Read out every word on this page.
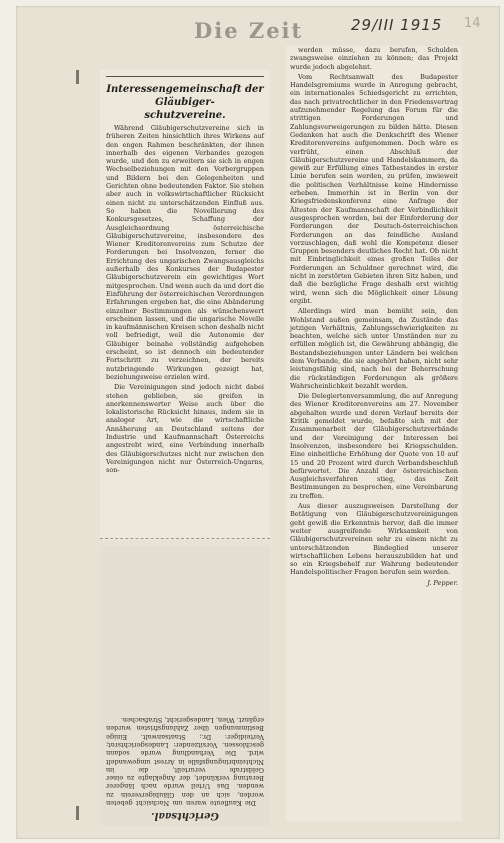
Die Zeit	29/III 1915 14

Interessengemeinschaft der Gläubiger-
schutzvereine.

Während Gläubigerschutzvereine sich in früheren Zeiten hinsichtlich ihres Wirkens auf den engen Rahmen beschränkten, der ihnen innerhalb des eigenen Verbandes gezogen wurde, und den zu erweitern sie sich in engen Wechselbeziehungen mit den Vorbergruppen und Bildern bei den Gelegenheiten und Gerichten ohne bedeutenden Faktor. Sie stehen aber auch in volkswirtschaftlicher Rücksicht einen nicht zu unterschätzenden Einfluß aus. So haben die Novellierung des Konkursgesetzes, Schaffung der Ausgleichsordnung österreichische Gläubigerschutzvereine, insbesondere des Wiener Kreditorenvereins zum Schutze der Forderungen bei Insolvenzen, ferner die Errichtung des ungarischen Zwangsausgleichs außerhalb des Konkurses der Budapester Gläubigerschutzverein ein gewichtiges Wort mitgesprochen. Und wenn auch da und dort die Einführung der österreichischen Verordnungen Erfahrungen ergeben hat, die eine Abänderung einzelner Bestimmungen als wünschenswert erscheinen lassen, und die ungarische Novelle in kaufmännischen Kreisen schon deshalb nicht voll befriedigt, weil die Autonomie der Gläubiger beinahe vollständig aufgehoben erscheint, so ist dennoch ein bedeutender Fortschritt zu verzeichnen, der bereits nutzbringende Wirkungen gezeigt hat, beziehungsweise erzielen wird.

Die Vereinigungen sind jedoch nicht dabei stehen geblieben, sie greifen in anerkennenswerter Weise auch über die lokalistorische Rücksicht hinaus, indem sie in analoger Art, wie die wirtschaftliche Annäherung an Deutschland seitens der Industrie und Kaufmannschaft Österreichs angestrebt wird, eine Verbindung innerhalb des Gläubigerschutzes nicht nur zwischen den Vereinigungen nicht nur Österreich-Ungarns, son-

Gerichtsaal.

Die Kaufleute waren um Nachsicht gebeten worden, sich an den Gläubigerverein zu wenden. Das Urteil wurde nach längerer Beratung verkündet, der Angeklagte zu einer Geldstrafe verurteilt, die im Nichteinbringungsfalle in Arrest umgewandelt wird. Die Verhandlung wurde sodann geschlossen. Vorsitzender: Landesgerichtsrat; Verteidiger: Dr.; Staatsanwalt. Einige Bestimmungen über Zahlungsfristen wurden ergänzt. Wien, Landesgericht, Strafsachen.

werden müsse, dazu berufen, Schulden zwangsweise einziehen zu können; das Projekt wurde jedoch abgelehnt.

Vom Rechtsanwalt des Budapester Handelsgremiums wurde in Anregung gebracht, ein internationales Schiedsgericht zu errichten, das nach privatrechtlicher in den Friedensvertrag aufzunehmender Regelung das Forum für die strittigen Forderungen und Zahlungsverweigerungen zu bilden hätte. Diesen Gedanken hat auch die Denkschrift des Wiener Kreditorenvereins aufgenommen. Doch wäre es verfrüht, einen Abschluß der Gläubigerschutzvereine und Handelskammern, da gewiß zur Erfüllung eines Tatbestandes in erster Linie berufen sein werden, zu prüfen, inwieweit die politischen Verhältnisse keine Hindernisse erheben. Immerhin ist in Berlin von der Kriegsfriedenskonferenz eine Anfrage der Ältesten der Kaufmannschaft der Verbindlichkeit ausgesprochen worden, bei der Einforderung der Forderungen der Deutsch-österreichischen Forderungen an das feindliche Ausland vorzuschlagen, daß wohl die Kompetenz dieser Gruppen besonders deutliches Recht hat. Ob nicht mit Einbringlichkeit eines großen Teiles der Forderungen an Schuldner gerechnet wird, die nicht in zerstörten Gebieten ihren Sitz haben, und daß die bezügliche Frage deshalb erst wichtig wird, wenn sich die Möglichkeit einer Lösung ergibt.

Allerdings wird man bemüht sein, den Wohlstand außen gemeinsam, da Zustände das jetzigen Verhältnis, Zahlungsschwierigkeiten zu beachten, welche sich unter Umständen nur zu erfüllen möglich ist, die Gewährung abhängig, die Bestandsbeziehungen unter Ländern bei welchen dem Verbande, die sie angehört haben, nicht sehr leistungsfähig sind, nach bei der Beherrschung die rückständigen Forderungen als größere Wahrscheinlichkeit bezahlt werden.

Die Delegiertenversammlung, die auf Anregung des Wiener Kreditorenvereins am 27. November abgehalten wurde und deren Verlauf bereits der Kritik gemeldet wurde, befaßte sich mit der Zusammenarbeit der Gläubigerschutzverbände und der Vereinigung der Interessen bei Insolvenzen, insbesondere bei Kriegsschulden. Eine einheitliche Erhöhung der Quote von 10 auf 15 und 20 Prozent wird durch Verbandsbeschluß befürwortet. Die Anzahl der österreichischen Ausgleichsverfahren stieg, das Zeit Bestimmungen zu besprechen, eine Vereinbarung zu treffen.

Aus dieser auszugsweisen Darstellung der Betätigung von Gläubigerschutzvereinigungen geht gewiß die Erkenntnis hervor, daß die immer weiter ausgreifende Wirksamkeit von Gläubigerschutzvereinen sehr zu einem nicht zu unterschätzenden Bindeglied unserer wirtschaftlichen Lebens herauszubilden hat und so ein Kriegsbehelf zur Wahrung bedeutender Handelspolitischer Fragen berufen sein werden.

J. Pepper.
